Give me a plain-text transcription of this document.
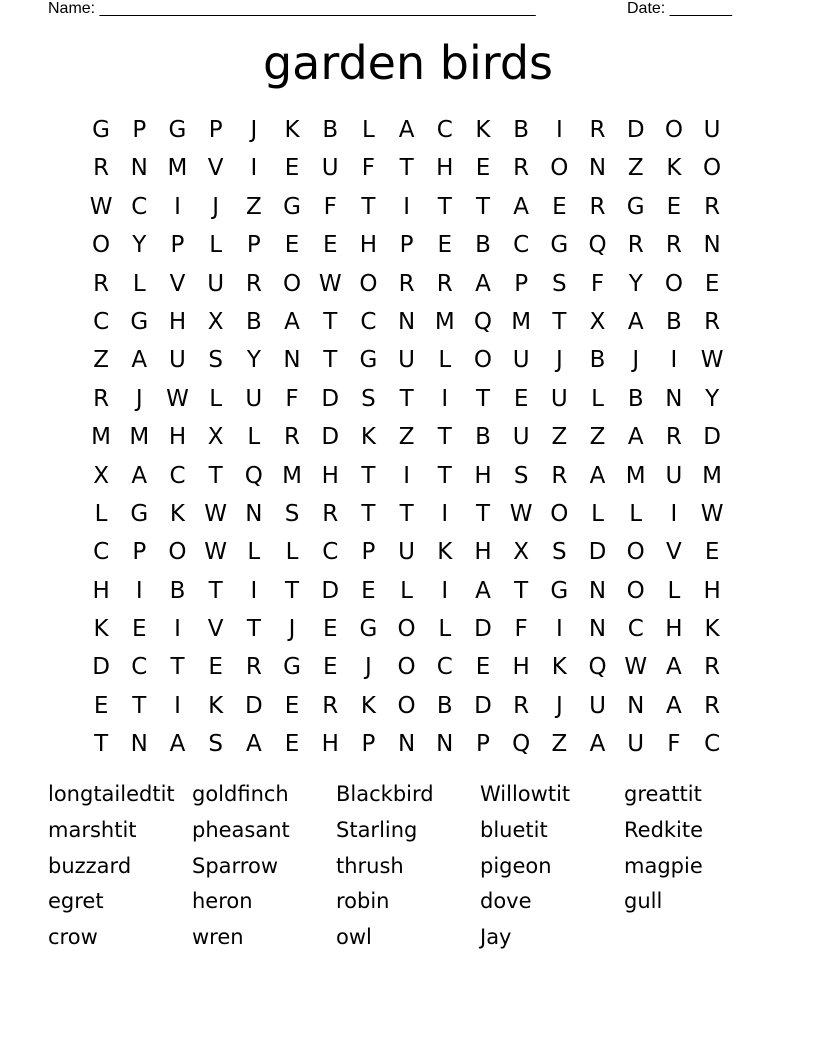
Name: _________________________________________________	Date: _______
garden birds
G P G P	J	K B	L	A C K B	I	R D O U
R N M V	I	E U	F	T H E R O N Z K O
W C	I	J	Z G F	T	I	T	T	A	E R G E R
O Y	P	L	P	E	E H P	E	B C G Q R R N
R	L	V U R O W O R R A	P	S	F	Y O E
C G H X B A	T	C N M Q M T	X A B R
Z A U S	Y N T G U	L O U	J	B	J	I	W
R	J	W L	U	F D S	T	I	T	E U	L	B N Y
M M H X	L	R D K Z	T	B U Z Z A R D
X A C	T Q M H T	I	T H S R A M U M
L G K W N S R	T	T	I	T W O L	L	I	W
C	P O W L	L	C	P U K H X	S D O V	E
H	I	B	T	I	T D E	L	I	A	T G N O L	H
K	E	I	V	T	J	E G O L D F	I	N C H K
D C	T	E R G E	J	O C E H K Q W A R
E	T	I	K D E R K O B D R	J	U N A R
T N A	S	A	E H P N N P Q Z A U	F	C
longtailedtit goldfinch	Blackbird	Willowtit	greattit
marshtit	pheasant	Starling	bluetit	Redkite
buzzard	Sparrow	thrush	pigeon	magpie
egret	heron	robin	dove	gull
crow	wren	owl	Jay
